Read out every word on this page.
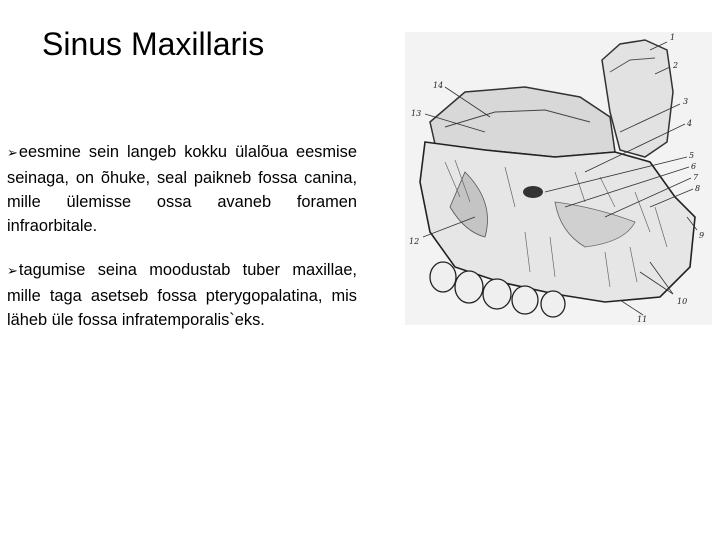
Sinus Maxillaris

➢eesmine sein langeb kokku ülalõua eesmise seinaga, on õhuke, seal paikneb fossa canina, mille ülemisse ossa avaneb foramen infraorbitale.

➢tagumise seina moodustab tuber maxillae, mille taga asetseb fossa pterygopalatina, mis läheb üle fossa infratemporalis`eks.

1
2
3
4
5
6
7
8
9
10
11
12
13
14
